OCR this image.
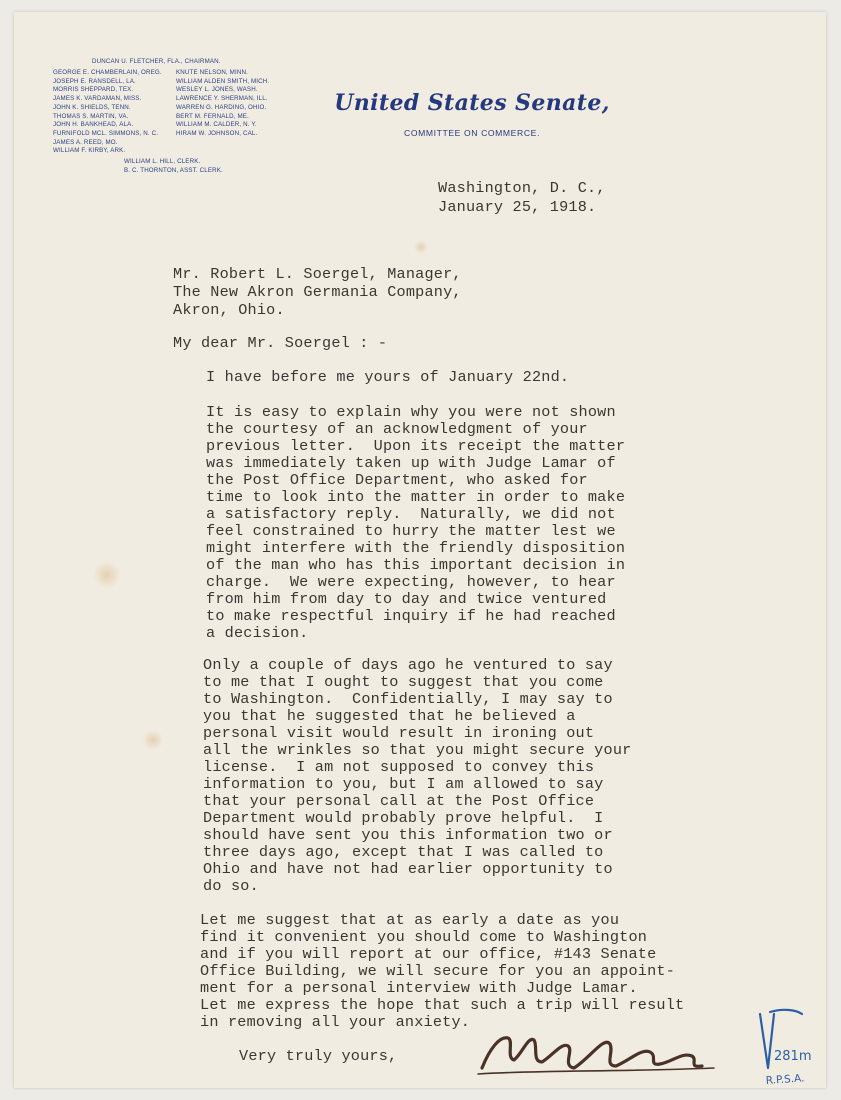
DUNCAN U. FLETCHER, FLA., CHAIRMAN.
GEORGE E. CHAMBERLAIN, OREG.
JOSEPH E. RANSDELL, LA.
MORRIS SHEPPARD, TEX.
JAMES K. VARDAMAN, MISS.
JOHN K. SHIELDS, TENN.
THOMAS S. MARTIN, VA.
JOHN H. BANKHEAD, ALA.
FURNIFOLD MCL. SIMMONS, N. C.
JAMES A. REED, MO.
WILLIAM F. KIRBY, ARK.
KNUTE NELSON, MINN.
WILLIAM ALDEN SMITH, MICH.
WESLEY L. JONES, WASH.
LAWRENCE Y. SHERMAN, ILL.
WARREN G. HARDING, OHIO.
BERT M. FERNALD, ME.
WILLIAM M. CALDER, N. Y.
HIRAM W. JOHNSON, CAL.
WILLIAM L. HILL, CLERK.
B. C. THORNTON, ASST. CLERK.
United States Senate,
COMMITTEE ON COMMERCE.
Washington, D. C.,
January 25, 1918.
Mr. Robert L. Soergel, Manager,
The New Akron Germania Company,
Akron, Ohio.
My dear Mr. Soergel : -
I have before me yours of January 22nd.
It is easy to explain why you were not shown
the courtesy of an acknowledgment of your
previous letter.  Upon its receipt the matter
was immediately taken up with Judge Lamar of
the Post Office Department, who asked for
time to look into the matter in order to make
a satisfactory reply.  Naturally, we did not
feel constrained to hurry the matter lest we
might interfere with the friendly disposition
of the man who has this important decision in
charge.  We were expecting, however, to hear
from him from day to day and twice ventured
to make respectful inquiry if he had reached
a decision.
Only a couple of days ago he ventured to say
to me that I ought to suggest that you come
to Washington.  Confidentially, I may say to
you that he suggested that he believed a
personal visit would result in ironing out
all the wrinkles so that you might secure your
license.  I am not supposed to convey this
information to you, but I am allowed to say
that your personal call at the Post Office
Department would probably prove helpful.  I
should have sent you this information two or
three days ago, except that I was called to
Ohio and have not had earlier opportunity to
do so.
Let me suggest that at as early a date as you
find it convenient you should come to Washington
and if you will report at our office, #143 Senate
Office Building, we will secure for you an appoint-
ment for a personal interview with Judge Lamar.
Let me express the hope that such a trip will result
in removing all your anxiety.
Very truly yours,	281m
R.P.S.A.
